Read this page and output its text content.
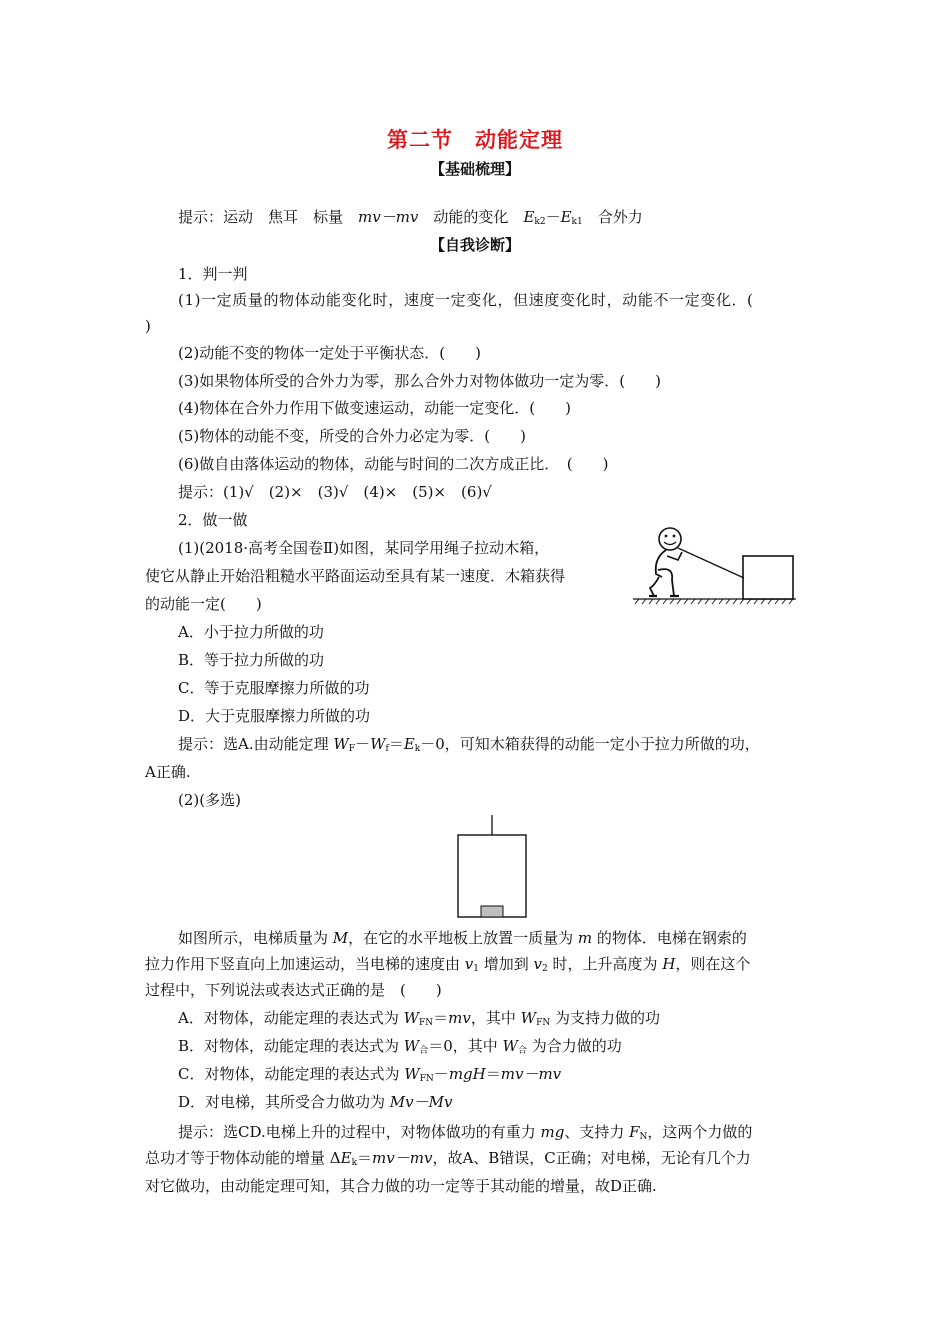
第二节　动能定理
【基础梳理】
提示：运动　焦耳　标量　mv－mv　动能的变化　$E_{k2}-E_{k1}$　合外力
【自我诊断】
1．判一判
(1)一定质量的物体动能变化时，速度一定变化，但速度变化时，动能不一定变化．(
)
(2)动能不变的物体一定处于平衡状态．(　　)
(3)如果物体所受的合外力为零，那么合外力对物体做功一定为零．(　　)
(4)物体在合外力作用下做变速运动，动能一定变化．(　　)
(5)物体的动能不变，所受的合外力必定为零．(　　)
(6)做自由落体运动的物体，动能与时间的二次方成正比．　(　　)
提示：(1)√　(2)×　(3)√　(4)×　(5)×　(6)√
2．做一做
(1)(2018·高考全国卷Ⅱ)如图，某同学用绳子拉动木箱，
使它从静止开始沿粗糙水平路面运动至具有某一速度．木箱获得
的动能一定(　　)
A．小于拉力所做的功
B．等于拉力所做的功
C．等于克服摩擦力所做的功
D．大于克服摩擦力所做的功
提示：选A.由动能定理 $W_F-W_f=E_k-0$，可知木箱获得的动能一定小于拉力所做的功，
A正确.
(2)(多选)
如图所示，电梯质量为 M，在它的水平地板上放置一质量为 m 的物体．电梯在钢索的
拉力作用下竖直向上加速运动，当电梯的速度由 $v_1$ 增加到 $v_2$ 时，上升高度为 H，则在这个
过程中，下列说法或表达式正确的是　(　　)
A．对物体，动能定理的表达式为 $W_{FN}=mv$，其中 $W_{FN}$ 为支持力做的功
B．对物体，动能定理的表达式为 $W_合=0$，其中 $W_合$ 为合力做的功
C．对物体，动能定理的表达式为 $W_{FN}-mgH=mv-mv$
D．对电梯，其所受合力做功为 Mv－Mv
提示：选CD.电梯上升的过程中，对物体做功的有重力 mg、支持力 $F_N$，这两个力做的
总功才等于物体动能的增量 $\Delta E_k=mv-mv$，故A、B错误，C正确；对电梯，无论有几个力
对它做功，由动能定理可知，其合力做的功一定等于其动能的增量，故D正确.
